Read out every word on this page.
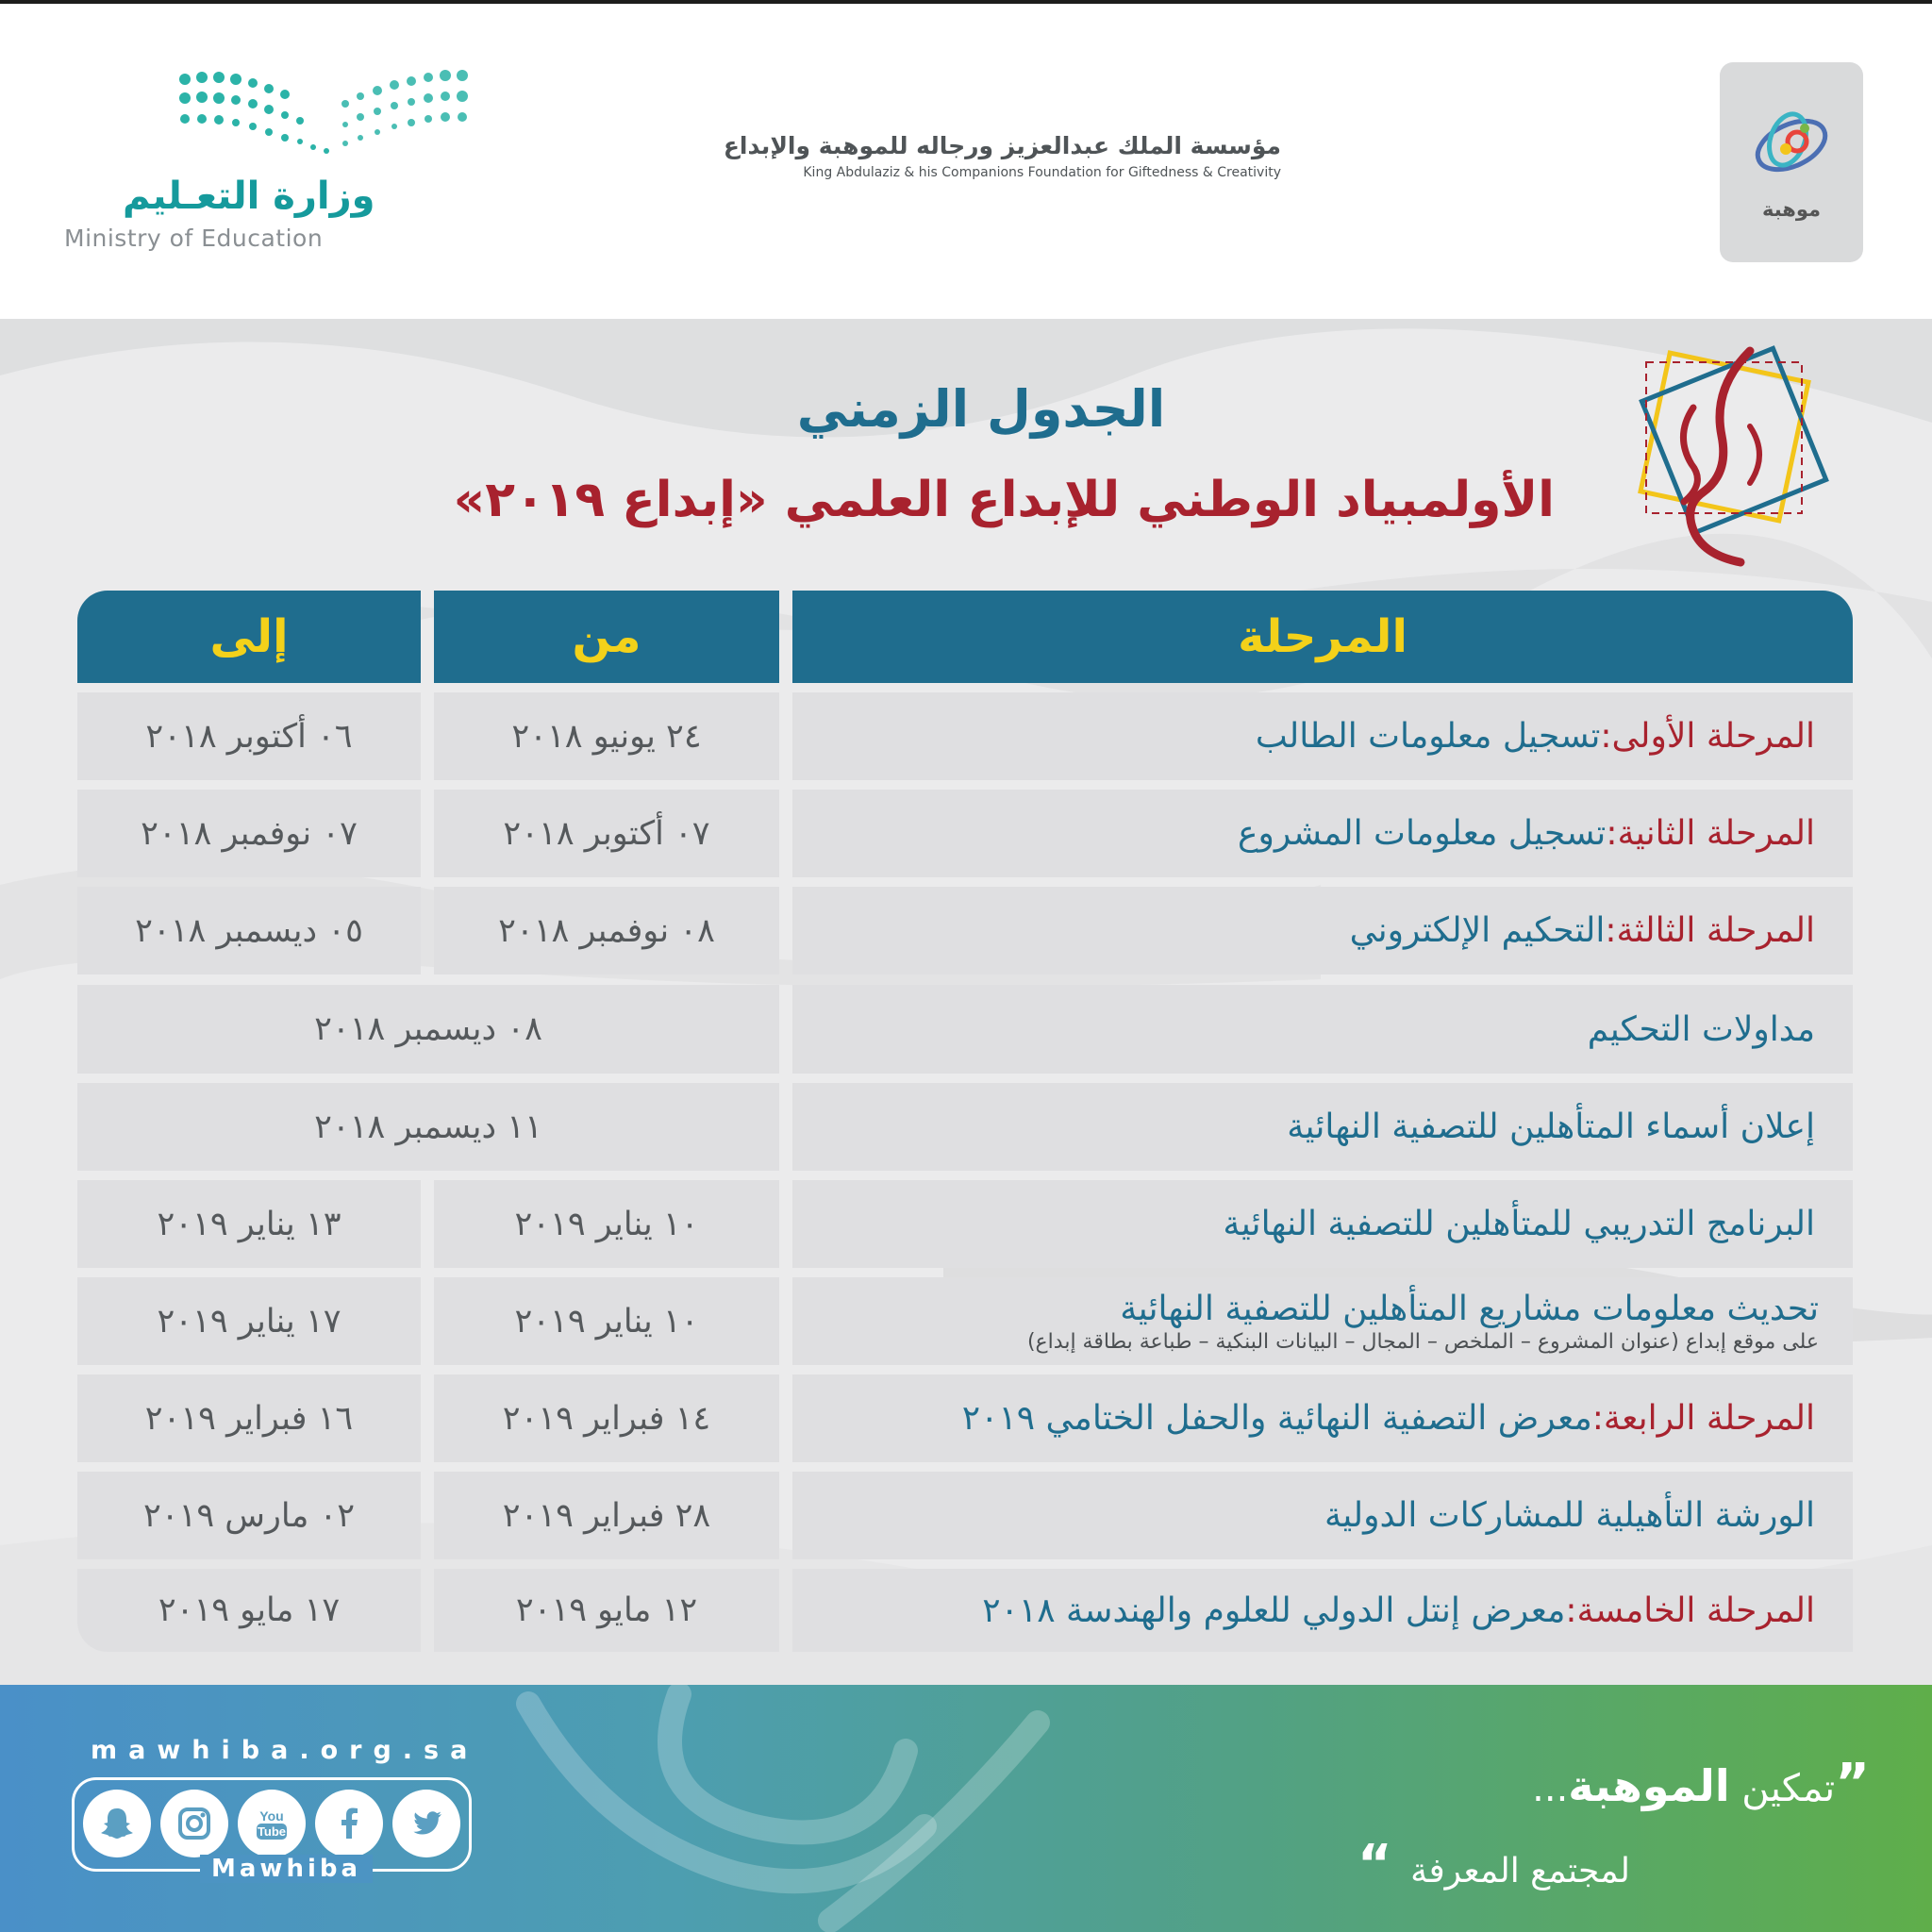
وزارة التعـليم
Ministry of Education
مؤسسة الملك عبدالعزيز ورجاله للموهبة والإبداع
King Abdulaziz & his Companions Foundation for Giftedness & Creativity
موهبة
الجدول الزمني
الأولمبياد الوطني للإبداع العلمي «إبداع ٢٠١٩»
المرحلة
من
إلى
المرحلة الأولى:
تسجيل معلومات الطالب
٢٤ يونيو ٢٠١٨
٠٦ أكتوبر ٢٠١٨
المرحلة الثانية:
تسجيل معلومات المشروع
٠٧ أكتوبر ٢٠١٨
٠٧ نوفمبر ٢٠١٨
المرحلة الثالثة:
التحكيم الإلكتروني
٠٨ نوفمبر ٢٠١٨
٠٥ ديسمبر ٢٠١٨
مداولات التحكيم
٠٨ ديسمبر ٢٠١٨
إعلان أسماء المتأهلين للتصفية النهائية
١١ ديسمبر ٢٠١٨
البرنامج التدريبي للمتأهلين للتصفية النهائية
١٠ يناير ٢٠١٩
١٣ يناير ٢٠١٩
تحديث معلومات مشاريع المتأهلين للتصفية النهائية
على موقع إبداع (عنوان المشروع – الملخص – المجال – البيانات البنكية – طباعة بطاقة إبداع)
١٠ يناير ٢٠١٩
١٧ يناير ٢٠١٩
المرحلة الرابعة:
معرض التصفية النهائية والحفل الختامي ٢٠١٩
١٤ فبراير ٢٠١٩
١٦ فبراير ٢٠١٩
الورشة التأهيلية للمشاركات الدولية
٢٨ فبراير ٢٠١٩
٠٢ مارس ٢٠١٩
المرحلة الخامسة:
معرض إنتل الدولي للعلوم والهندسة ٢٠١٨
١٢ مايو ٢٠١٩
١٧ مايو ٢٠١٩
mawhiba.org.sa
You
Tube
Mawhiba
”تمكين الموهبة...
لمجتمع المعرفة “
